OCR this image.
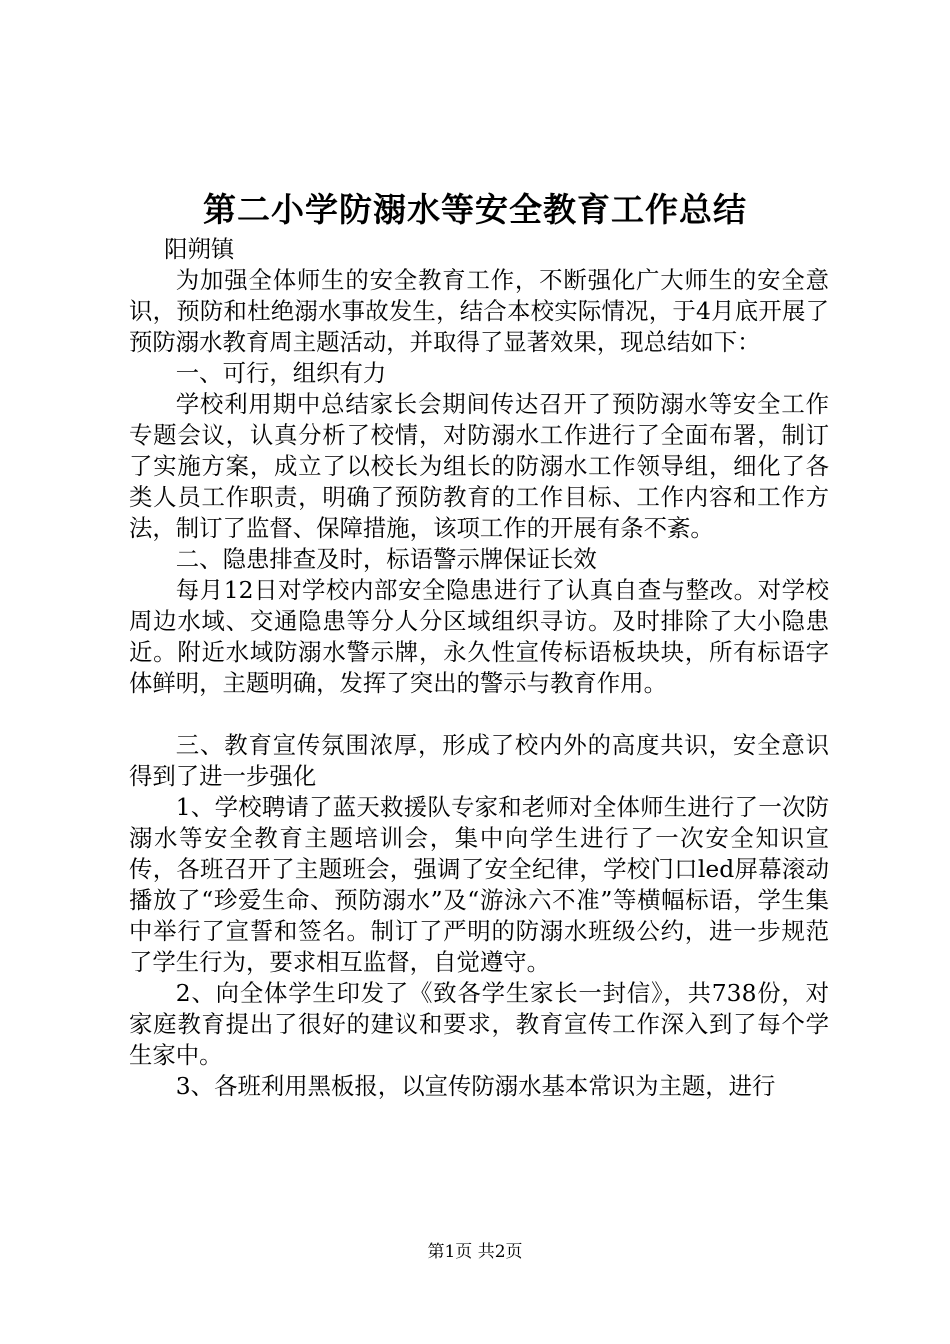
第二小学防溺水等安全教育工作总结

阳朔镇

为加强全体师生的安全教育工作，不断强化广大师生的安全意识，预防和杜绝溺水事故发生，结合本校实际情况，于4月底开展了预防溺水教育周主题活动，并取得了显著效果，现总结如下：

一、可行，组织有力

学校利用期中总结家长会期间传达召开了预防溺水等安全工作专题会议，认真分析了校情，对防溺水工作进行了全面布署，制订了实施方案，成立了以校长为组长的防溺水工作领导组，细化了各类人员工作职责，明确了预防教育的工作目标、工作内容和工作方法，制订了监督、保障措施，该项工作的开展有条不紊。

二、隐患排查及时，标语警示牌保证长效

每月12日对学校内部安全隐患进行了认真自查与整改。对学校周边水域、交通隐患等分人分区域组织寻访。及时排除了大小隐患近。附近水域防溺水警示牌，永久性宣传标语板块块，所有标语字体鲜明，主题明确，发挥了突出的警示与教育作用。

三、教育宣传氛围浓厚，形成了校内外的高度共识，安全意识得到了进一步强化

1、学校聘请了蓝天救援队专家和老师对全体师生进行了一次防溺水等安全教育主题培训会，集中向学生进行了一次安全知识宣传，各班召开了主题班会，强调了安全纪律，学校门口led屏幕滚动播放了“珍爱生命、预防溺水”及“游泳六不准”等横幅标语，学生集中举行了宣誓和签名。制订了严明的防溺水班级公约，进一步规范了学生行为，要求相互监督，自觉遵守。

2、向全体学生印发了《致各学生家长一封信》，共738份，对家庭教育提出了很好的建议和要求，教育宣传工作深入到了每个学生家中。

3、各班利用黑板报，以宣传防溺水基本常识为主题，进行

第1页 共2页
